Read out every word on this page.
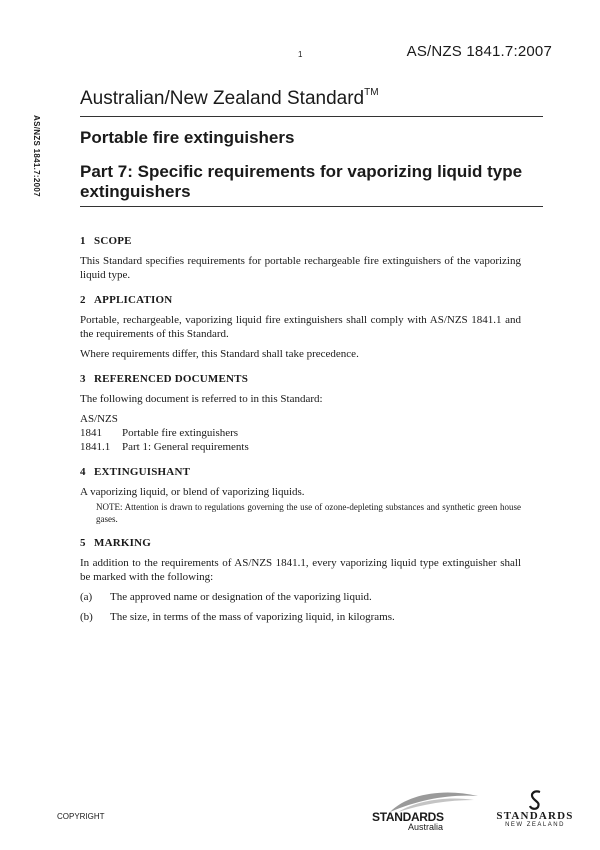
1	AS/NZS 1841.7:2007
AS/NZS 1841.7:2007
Australian/New Zealand Standard™
Portable fire extinguishers
Part 7: Specific requirements for vaporizing liquid type extinguishers
1 SCOPE

This Standard specifies requirements for portable rechargeable fire extinguishers of the vaporizing liquid type.

2 APPLICATION

Portable, rechargeable, vaporizing liquid fire extinguishers shall comply with AS/NZS 1841.1 and the requirements of this Standard.

Where requirements differ, this Standard shall take precedence.

3 REFERENCED DOCUMENTS

The following document is referred to in this Standard:

AS/NZS
1841	Portable fire extinguishers
1841.1	Part 1: General requirements
4 EXTINGUISHANT

A vaporizing liquid, or blend of vaporizing liquids.

NOTE: Attention is drawn to regulations governing the use of ozone-depleting substances and synthetic green house gases.

5 MARKING

In addition to the requirements of AS/NZS 1841.1, every vaporizing liquid type extinguisher shall be marked with the following:

(a)	The approved name or designation of the vaporizing liquid.
(b)	The size, in terms of the mass of vaporizing liquid, in kilograms.
COPYRIGHT	STANDARDS
Australia
STANDARDS
NEW ZEALAND
